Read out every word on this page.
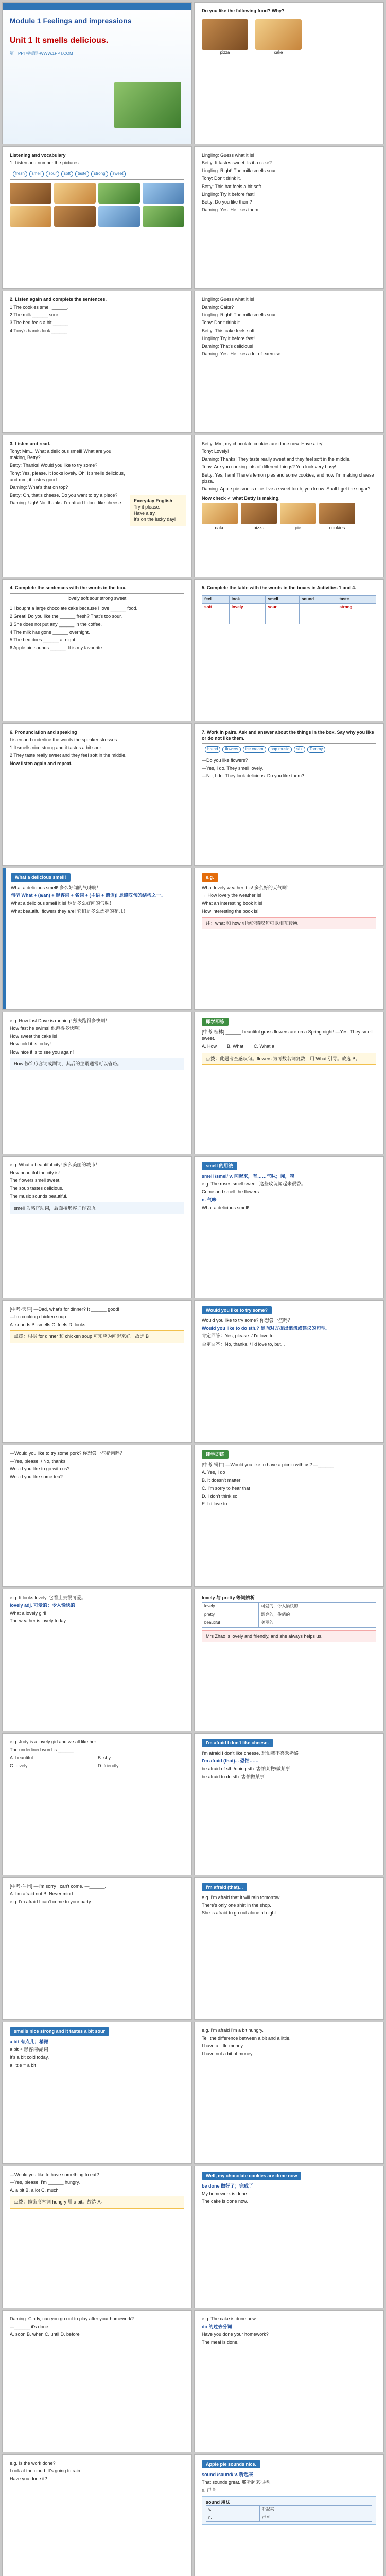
Module 1 Feelings and impressions
Unit 1 It smells delicious.
第一PPT模板网-WWW.1PPT.COM
Do you like the following food? Why?
pizza	cake
Listening and vocabulary
1. Listen and number the pictures.
fresh smell sour soft taste strong sweet
Lingling: Guess what it is!
Betty: It tastes sweet. Is it a cake?
Lingling: Right! The milk smells sour.
Tony: Don't drink it.
Betty: This hat feels a bit soft.
Lingling: Try it before fast!
Betty: Do you like them?
Daming: Yes. He likes them.
2. Listen again and complete the sentences.
1 The cookies smell ______.
2 The milk ______ sour.
3 The bed feels a bit ______.
4 Tony's hands look ______.
Lingling: Guess what it is!
Daming: Cake?
Lingling: Right! The milk smells sour.
Tony: Don't drink it.
Betty: This cake feels soft.
Lingling: Try it before fast!
Daming: That's delicious!
Daming: Yes. He likes a lot of exercise.
3. Listen and read.
Tony: Mm... What a delicious smell! What are you making, Betty?
Betty: Thanks! Would you like to try some?
Tony: Yes, please. It looks lovely. Oh! It smells delicious, and mm, it tastes good.
Daming: What's that on top?
Betty: Oh, that's cheese. Do you want to try a piece?
Daming: Ugh! No, thanks. I'm afraid I don't like cheese.	Everyday English
Try it please.
Have a try.
It's on the lucky day!
Betty: Mm, my chocolate cookies are done now. Have a try!
Tony: Lovely!
Daming: Thanks! They taste really sweet and they feel soft in the middle.
Tony: Are you cooking lots of different things? You look very busy!
Betty: Yes, I am! There's lemon pies and some cookies, and now I'm making cheese pizza.
Daming: Apple pie smells nice. I've a sweet tooth, you know. Shall I get the sugar?
Now check ✓ what Betty is making.
cake	pizza	pie	cookies
4. Complete the sentences with the words in the box.
lovely soft sour strong sweet
1 I bought a large chocolate cake because I love ______ food.
2 Great! Do you like the ______ fresh? That's too sour.
3 She does not put any ______ in the coffee.
4 The milk has gone ______ overnight.
5 The bed does ______ at night.
6 Apple pie sounds ______. It is my favourite.
5. Complete the table with the words in the boxes in Activities 1 and 4.
feel	look	smell	sound	taste
soft	lovely	sour		strong

6. Pronunciation and speaking
Listen and underline the words the speaker stresses.
1 It smells nice strong and it tastes a bit sour.
2 They taste really sweet and they feel soft in the middle.
Now listen again and repeat.
7. Work in pairs. Ask and answer about the things in the box. Say why you like or do not like them.
bread flowers ice cream pop music silk Tommy
—Do you like flowers?
—Yes, I do. They smell lovely.
—No, I do. They look delicious. Do you like them?
What a delicious smell!
What a delicious smell! 多么好闻的气味啊！
句型 What + (a/an) + 形容词 + 名词 + (主语 + 谓语)! 是感叹句的结构之一。
What a delicious smell it is! 这是多么好闻的气味！
What beautiful flowers they are! 它们是多么漂亮的花儿！
e.g.
What lovely weather it is! 多么好的天气啊！
→ How lovely the weather is!
What an interesting book it is!
How interesting the book is!
注：what 和 how 引导的感叹句可以相互转换。
e.g. How fast Dave is running! 戴夫跑得多快啊！
How fast he swims! 他游得多快啊！
How sweet the cake is!
How cold it is today!
How nice it is to see you again!
How 修饰形容词或副词，其后的主谓通常可以省略。
即学即练
[中考·桂林] ______ beautiful grass flowers are on a Spring night! —Yes. They smell sweet.
A. How B. What C. What a
点拨：此题考查感叹句。flowers 为可数名词复数，用 What 引导。故选 B。
e.g. What a beautiful city! 多么美丽的城市！
How beautiful the city is!
The flowers smell sweet.
The soup tastes delicious.
The music sounds beautiful.
smell 为感官动词，后面接形容词作表语。
smell 的用法
smell /smel/ v. 闻起来，有……气味；闻，嗅
e.g. The roses smell sweet. 这些玫瑰闻起来很香。
Come and smell the flowers.
n. 气味
What a delicious smell!
[中考·天津] —Dad, what's for dinner? It ______ good!
—I'm cooking chicken soup.
A. sounds B. smells C. feels D. looks
点拨：根据 for dinner 和 chicken soup 可知应为闻起来好。故选 B。
Would you like to try some?
Would you like to try some? 你想尝一些吗？
Would you like to do sth.? 是向对方提出邀请或建议的句型。
肯定回答：Yes, please. / I'd love to.
否定回答：No, thanks. / I'd love to, but...
—Would you like to try some pork? 你想尝一些猪肉吗？
—Yes, please. / No, thanks.
Would you like to go with us?
Would you like some tea?
即学即练
[中考·铜仁] —Would you like to have a picnic with us? —______.
A. Yes, I do
B. It doesn't matter
C. I'm sorry to hear that
D. I don't think so
E. I'd love to
e.g. It looks lovely. 它看上去很可爱。
lovely adj. 可爱的；令人愉快的
What a lovely girl!
The weather is lovely today.
lovely 与 pretty 等词辨析
lovely	可爱的，令人愉快的
pretty	漂亮的，俊俏的
beautiful	美丽的
Mrs Zhao is lovely and friendly, and she always helps us.
e.g. Judy is a lovely girl and we all like her.
The underlined word is ______.
A. beautiful	B. shy
C. lovely	D. friendly
I'm afraid I don't like cheese.
I'm afraid I don't like cheese. 恐怕我不喜欢奶酪。
I'm afraid (that)... 恐怕……
be afraid of sth./doing sth. 害怕某物/做某事
be afraid to do sth. 害怕做某事
[中考·兰州] —I'm sorry I can't come. —______.
A. I'm afraid not B. Never mind
e.g. I'm afraid I can't come to your party.
I'm afraid (that)...
e.g. I'm afraid that it will rain tomorrow.
There's only one shirt in the shop.
She is afraid to go out alone at night.
smells nice strong and it tastes a bit sour
a bit 有点儿；稍微
a bit + 形容词/副词
It's a bit cold today.
a little = a bit
e.g. I'm afraid I'm a bit hungry.
Tell the difference between a bit and a little.
I have a little money.
I have not a bit of money.
—Would you like to have something to eat?
—Yes, please. I'm ______ hungry.
A. a bit B. a lot C. much
点拨：修饰形容词 hungry 用 a bit。故选 A。
Well, my chocolate cookies are done now
be done 做好了；完成了
My homework is done.
The cake is done now.
Daming: Cindy, can you go out to play after your homework?
—______ it's done.
A. soon B. when C. until D. before
e.g. The cake is done now.
do 的过去分词
Have you done your homework?
The meal is done.
e.g. Is the work done?
Look at the cloud. It's going to rain.
Have you done it?
Apple pie sounds nice.
sound /saund/ v. 听起来
That sounds great. 那听起来很棒。
n. 声音
sound 用法
v.	听起来
n.	声音
